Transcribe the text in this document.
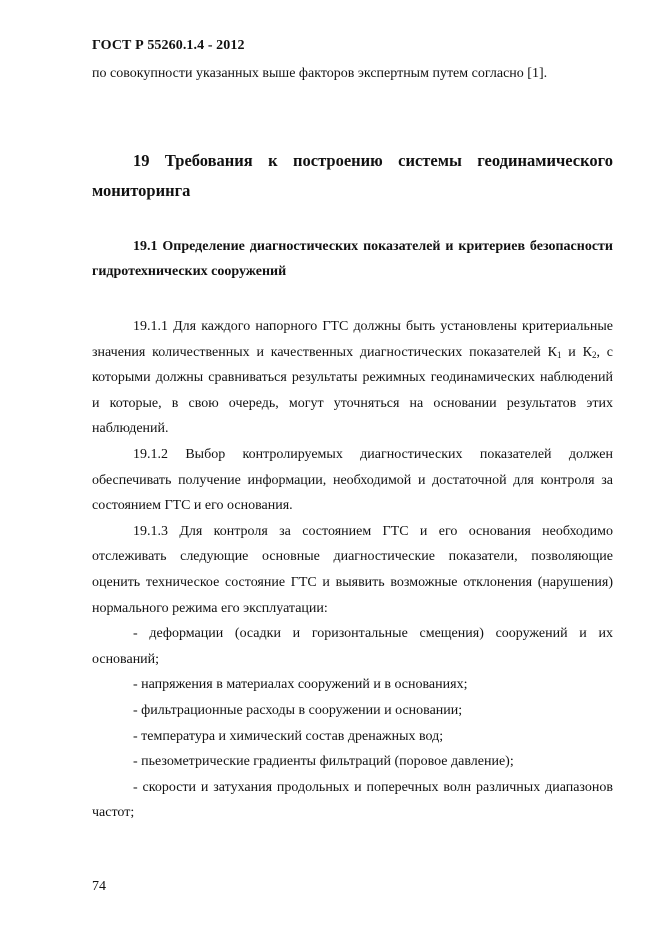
ГОСТ Р 55260.1.4 - 2012
по совокупности указанных выше факторов экспертным путем согласно [1].
19 Требования к построению системы геодинамического мониторинга
19.1 Определение диагностических показателей и критериев безопасности гидротехнических сооружений

19.1.1 Для каждого напорного ГТС должны быть установлены критериальные значения количественных и качественных диагностических показателей $К_1$ и $К_2$, с которыми должны сравниваться результаты режимных геодинамических наблюдений и которые, в свою очередь, могут уточняться на основании результатов этих наблюдений.

19.1.2 Выбор контролируемых диагностических показателей должен обеспечивать получение информации, необходимой и достаточной для контроля за состоянием ГТС и его основания.

19.1.3 Для контроля за состоянием ГТС и его основания необходимо отслеживать следующие основные диагностические показатели, позволяющие оценить техническое состояние ГТС и выявить возможные отклонения (нарушения) нормального режима его эксплуатации:

- деформации (осадки и горизонтальные смещения) сооружений и их оснований;

- напряжения в материалах сооружений и в основаниях;

- фильтрационные расходы в сооружении и основании;

- температура и химический состав дренажных вод;

- пьезометрические градиенты фильтраций (поровое давление);

- скорости и затухания продольных и поперечных волн различных диапазонов частот;

74
